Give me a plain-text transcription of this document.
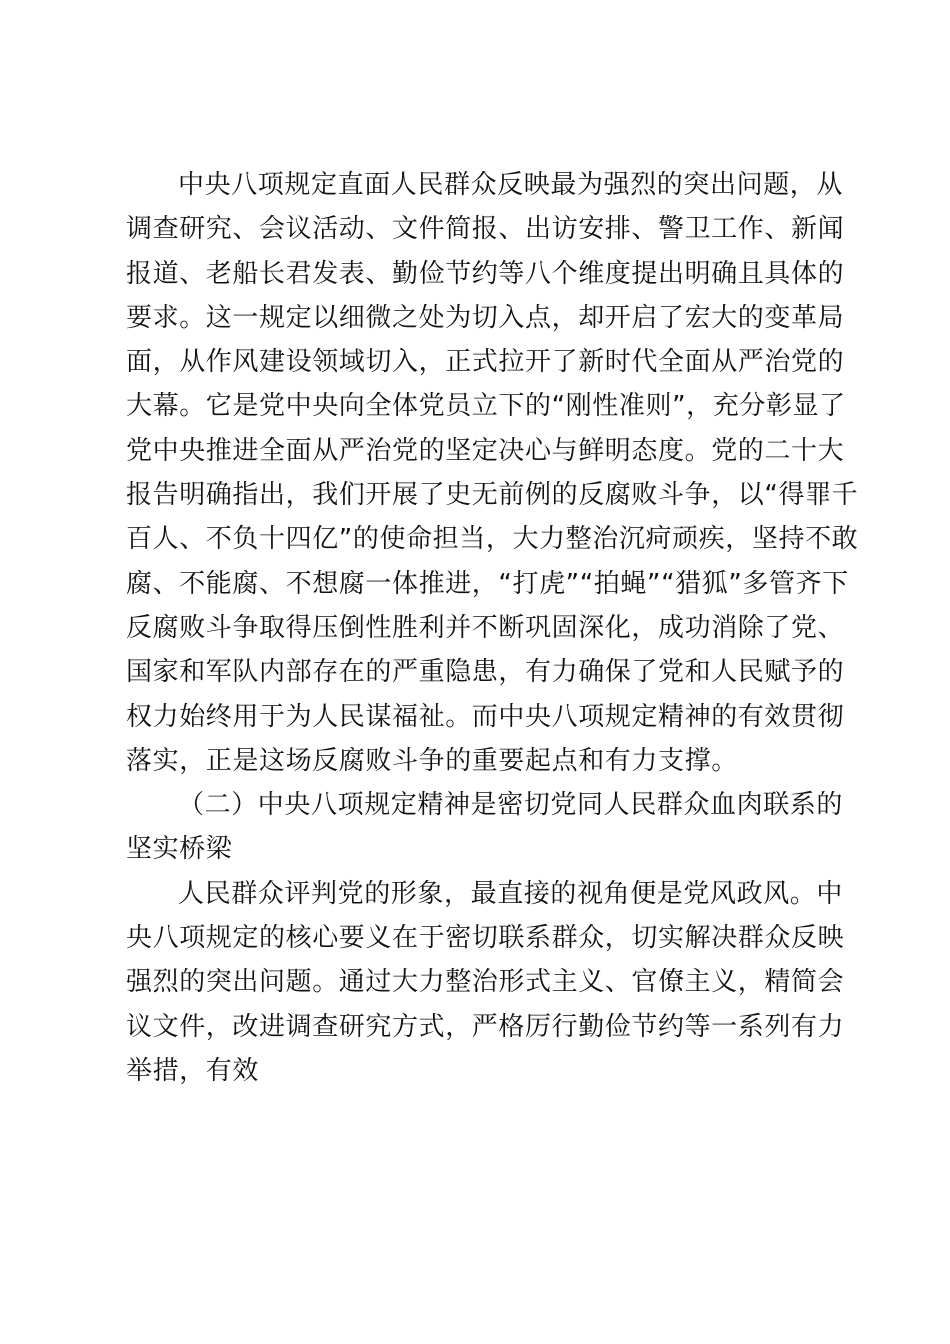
中央八项规定直面人民群众反映最为强烈的突出问题，从
调查研究、会议活动、文件简报、出访安排、警卫工作、新闻
报道、老船长君发表、勤俭节约等八个维度提出明确且具体的
要求。这一规定以细微之处为切入点，却开启了宏大的变革局
面，从作风建设领域切入，正式拉开了新时代全面从严治党的
大幕。它是党中央向全体党员立下的“刚性准则”，充分彰显了
党中央推进全面从严治党的坚定决心与鲜明态度。党的二十大
报告明确指出，我们开展了史无前例的反腐败斗争，以“得罪千
百人、不负十四亿”的使命担当，大力整治沉疴顽疾，坚持不敢
腐、不能腐、不想腐一体推进，“打虎”“拍蝇”“猎狐”多管齐下
反腐败斗争取得压倒性胜利并不断巩固深化，成功消除了党、
国家和军队内部存在的严重隐患，有力确保了党和人民赋予的
权力始终用于为人民谋福祉。而中央八项规定精神的有效贯彻
落实，正是这场反腐败斗争的重要起点和有力支撑。
（二）中央八项规定精神是密切党同人民群众血肉联系的
坚实桥梁
人民群众评判党的形象，最直接的视角便是党风政风。中
央八项规定的核心要义在于密切联系群众，切实解决群众反映
强烈的突出问题。通过大力整治形式主义、官僚主义，精简会
议文件，改进调查研究方式，严格厉行勤俭节约等一系列有力
举措，有效
